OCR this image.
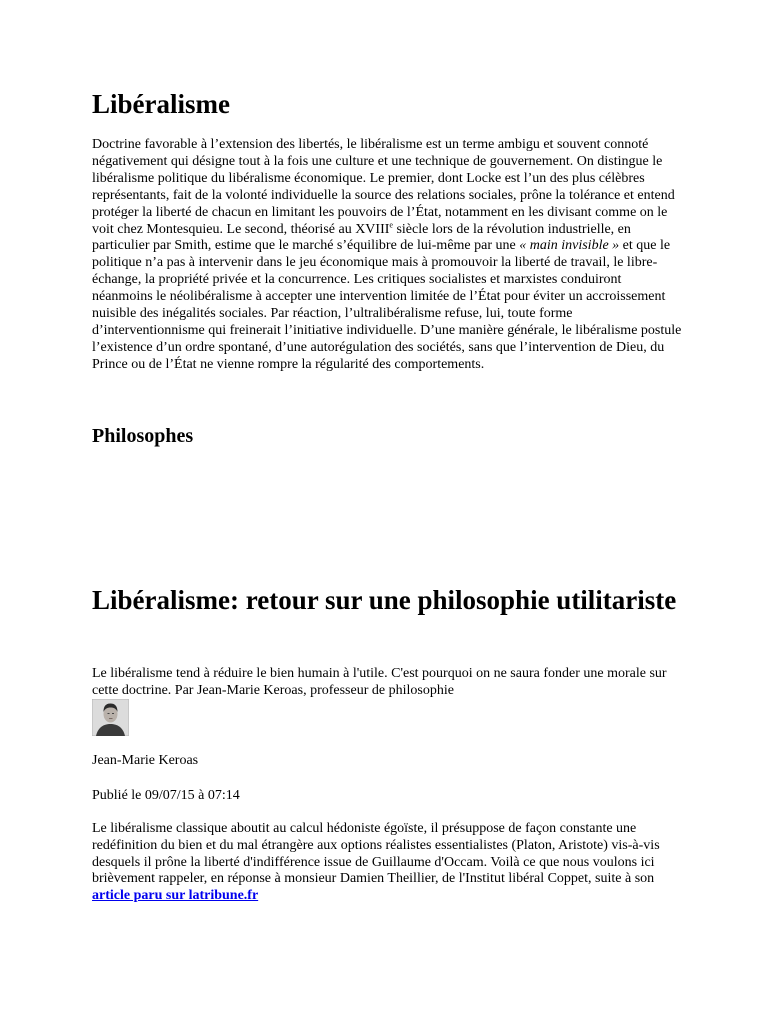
Libéralisme

Doctrine favorable à l’extension des libertés, le libéralisme est un terme ambigu et souvent connoté négativement qui désigne tout à la fois une culture et une technique de gouvernement. On distingue le libéralisme politique du libéralisme économique. Le premier, dont Locke est l’un des plus célèbres représentants, fait de la volonté individuelle la source des relations sociales, prône la tolérance et entend protéger la liberté de chacun en limitant les pouvoirs de l’État, notamment en les divisant comme on le voit chez Montesquieu. Le second, théorisé au XVIIIe siècle lors de la révolution industrielle, en particulier par Smith, estime que le marché s’équilibre de lui-même par une « main invisible » et que le politique n’a pas à intervenir dans le jeu économique mais à promouvoir la liberté de travail, le libre-échange, la propriété privée et la concurrence. Les critiques socialistes et marxistes conduiront néanmoins le néolibéralisme à accepter une intervention limitée de l’État pour éviter un accroissement nuisible des inégalités sociales. Par réaction, l’ultralibéralisme refuse, lui, toute forme d’interventionnisme qui freinerait l’initiative individuelle. D’une manière générale, le libéralisme postule l’existence d’un ordre spontané, d’une autorégulation des sociétés, sans que l’intervention de Dieu, du Prince ou de l’État ne vienne rompre la régularité des comportements.

Philosophes
Libéralisme: retour sur une philosophie utilitariste

Le libéralisme tend à réduire le bien humain à l'utile. C'est pourquoi on ne saura fonder une morale sur cette doctrine. Par Jean-Marie Keroas, professeur de philosophie

Jean-Marie Keroas

Publié le 09/07/15 à 07:14

Le libéralisme classique aboutit au calcul hédoniste égoïste, il présuppose de façon constante une redéfinition du bien et du mal étrangère aux options réalistes essentialistes (Platon, Aristote) vis-à-vis desquels il prône la liberté d'indifférence issue de Guillaume d'Occam. Voilà ce que nous voulons ici brièvement rappeler, en réponse à monsieur Damien Theillier, de l'Institut libéral Coppet, suite à son article paru sur latribune.fr
